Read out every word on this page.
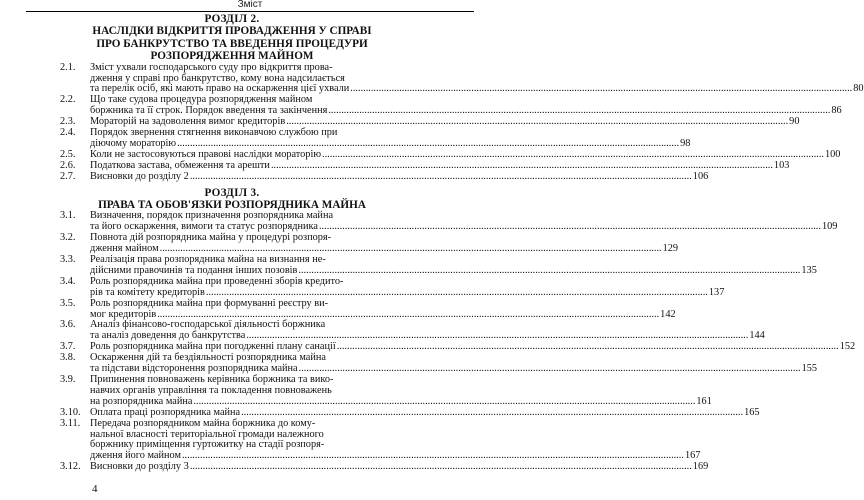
Зміст
РОЗДІЛ 2.
НАСЛІДКИ ВІДКРИТТЯ ПРОВАДЖЕННЯ У СПРАВІ
ПРО БАНКРУТСТВО ТА ВВЕДЕННЯ ПРОЦЕДУРИ
РОЗПОРЯДЖЕННЯ МАЙНОМ
2.1.	Зміст ухвали господарського суду про відкриття прова-
дження у справі про банкрутство, кому вона надсилається
та перелік осіб, які мають право на оскарження цієї ухвали .....	80
2.2.	Що таке судова процедура розпорядження майном
боржника та її строк. Порядок введення та закінчення .....	86
2.3.	Мораторій на задоволення вимог кредиторів .....	90
2.4.	Порядок звернення стягнення виконавчою службою при
діючому мораторію .....	98
2.5.	Коли не застосовуються правові наслідки мораторію .....	100
2.6.	Податкова застава, обмеження та арешти .....	103
2.7.	Висновки до розділу 2 .....	106
РОЗДІЛ 3.
ПРАВА ТА ОБОВ'ЯЗКИ РОЗПОРЯДНИКА МАЙНА
3.1.	Визначення, порядок призначення розпорядника майна
та його оскарження, вимоги та статус розпорядника .....	109
3.2.	Повнота дій розпорядника майна у процедурі розпоря-
дження майном .....	129
3.3.	Реалізація права розпорядника майна на визнання не-
дійсними правочинів та подання інших позовів .....	135
3.4.	Роль розпорядника майна при проведенні зборів кредито-
рів та комітету кредиторів .....	137
3.5.	Роль розпорядника майна при формуванні реєстру ви-
мог кредиторів .....	142
3.6.	Аналіз фінансово-господарської діяльності боржника
та аналіз доведення до банкрутства .....	144
3.7.	Роль розпорядника майна при погодженні плану санації .....	152
3.8.	Оскарження дій та бездіяльності розпорядника майна
та підстави відсторонення розпорядника майна .....	155
3.9.	Припинення повноважень керівника боржника та вико-
навчих органів управління та покладення повноважень
на розпорядника майна .....	161
3.10. Оплата праці розпорядника майна .....	165
3.11. Передача розпорядником майна боржника до кому-
нальної власності територіальної громади належного
боржнику приміщення гуртожитку на стадії розпоря-
дження його майном .....	167
3.12. Висновки до розділу 3 .....	169
4
